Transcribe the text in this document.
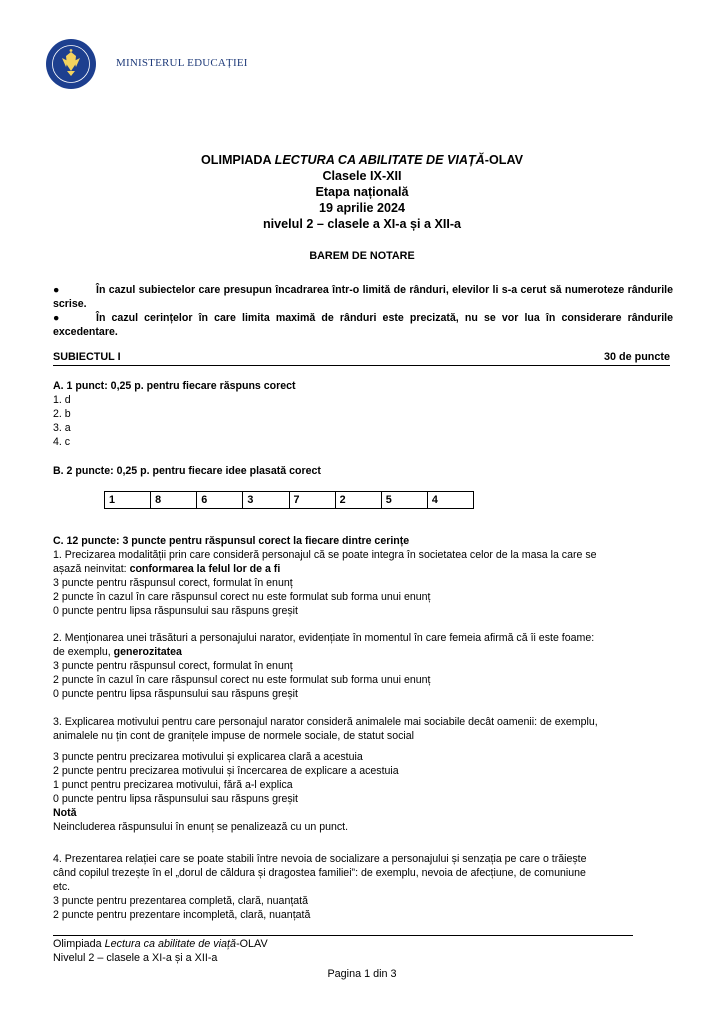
MINISTERUL EDUCAȚIEI
OLIMPIADA LECTURA CA ABILITATE DE VIAȚĂ-OLAV
Clasele IX-XII
Etapa națională
19 aprilie 2024
nivelul 2 – clasele a XI-a și a XII-a
BAREM DE NOTARE
●	În cazul subiectelor care presupun încadrarea într-o limită de rânduri, elevilor li s-a cerut să numeroteze rândurile scrise.
●	În cazul cerințelor în care limita maximă de rânduri este precizată, nu se vor lua în considerare rândurile excedentare.
SUBIECTUL I	30 de puncte
A. 1 punct: 0,25 p. pentru fiecare răspuns corect
1. d
2. b
3. a
4. c
B. 2 puncte: 0,25 p. pentru fiecare idee plasată corect
1	8	6	3	7	2	5	4
C. 12 puncte: 3 puncte pentru răspunsul corect la fiecare dintre cerințe
1. Precizarea modalității prin care consideră personajul că se poate integra în societatea celor de la masa la care se
așază neinvitat: conformarea la felul lor de a fi
3 puncte pentru răspunsul corect, formulat în enunț
2 puncte în cazul în care răspunsul corect nu este formulat sub forma unui enunț
0 puncte pentru lipsa răspunsului sau răspuns greșit
2. Menționarea unei trăsături a personajului narator, evidențiate în momentul în care femeia afirmă că îi este foame:
de exemplu, generozitatea
3 puncte pentru răspunsul corect, formulat în enunț
2 puncte în cazul în care răspunsul corect nu este formulat sub forma unui enunț
0 puncte pentru lipsa răspunsului sau răspuns greșit
3. Explicarea motivului pentru care personajul narator consideră animalele mai sociabile decât oamenii: de exemplu,
animalele nu țin cont de granițele impuse de normele sociale, de statut social
3 puncte pentru precizarea motivului și explicarea clară a acestuia
2 puncte pentru precizarea motivului și încercarea de explicare a acestuia
1 punct pentru precizarea motivului, fără a-l explica
0 puncte pentru lipsa răspunsului sau răspuns greșit
Notă
Neincluderea răspunsului în enunț se penalizează cu un punct.
4. Prezentarea relației care se poate stabili între nevoia de socializare a personajului și senzația pe care o trăiește
când copilul trezește în el „dorul de căldura și dragostea familiei”: de exemplu, nevoia de afecțiune, de comuniune
etc.
3 puncte pentru prezentarea completă, clară, nuanțată
2 puncte pentru prezentare incompletă, clară, nuanțată
Olimpiada Lectura ca abilitate de viață-OLAV
Nivelul 2 – clasele a XI-a și a XII-a
Pagina 1 din 3
